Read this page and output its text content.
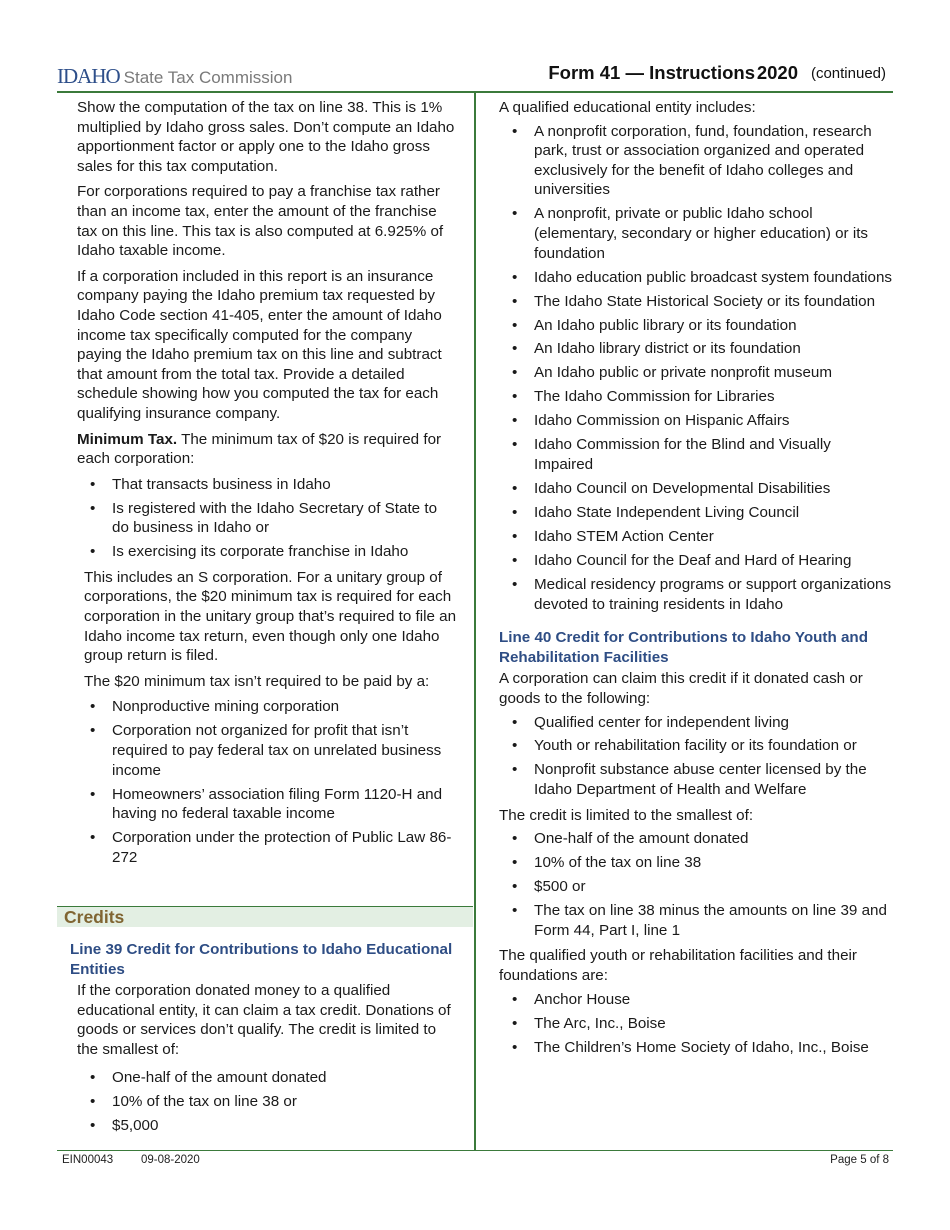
IDAHO State Tax Commission	Form 41 — Instructions 2020 (continued)

Show the computation of the tax on line 38. This is 1% multiplied by Idaho gross sales. Don’t compute an Idaho apportionment factor or apply one to the Idaho gross sales for this tax computation.

For corporations required to pay a franchise tax rather than an income tax, enter the amount of the franchise tax on this line. This tax is also computed at 6.925% of Idaho taxable income.

If a corporation included in this report is an insurance company paying the Idaho premium tax requested by Idaho Code section 41-405, enter the amount of Idaho income tax specifically computed for the company paying the Idaho premium tax on this line and subtract that amount from the total tax. Provide a detailed schedule showing how you computed the tax for each qualifying insurance company.

Minimum Tax. The minimum tax of $20 is required for each corporation:

• That transacts business in Idaho
• Is registered with the Idaho Secretary of State to do business in Idaho or
• Is exercising its corporate franchise in Idaho

This includes an S corporation. For a unitary group of corporations, the $20 minimum tax is required for each corporation in the unitary group that’s required to file an Idaho income tax return, even though only one Idaho group return is filed.

The $20 minimum tax isn’t required to be paid by a:

• Nonproductive mining corporation
• Corporation not organized for profit that isn’t required to pay federal tax on unrelated business income
• Homeowners’ association filing Form 1120-H and having no federal taxable income
• Corporation under the protection of Public Law 86-272
Credits

Line 39 Credit for Contributions to Idaho Educational Entities

If the corporation donated money to a qualified educational entity, it can claim a tax credit. Donations of goods or services don’t qualify. The credit is limited to the smallest of:

• One-half of the amount donated
• 10% of the tax on line 38 or
• $5,000

A qualified educational entity includes:

• A nonprofit corporation, fund, foundation, research park, trust or association organized and operated exclusively for the benefit of Idaho colleges and universities
• A nonprofit, private or public Idaho school (elementary, secondary or higher education) or its foundation
• Idaho education public broadcast system foundations
• The Idaho State Historical Society or its foundation
• An Idaho public library or its foundation
• An Idaho library district or its foundation
• An Idaho public or private nonprofit museum
• The Idaho Commission for Libraries
• Idaho Commission on Hispanic Affairs
• Idaho Commission for the Blind and Visually Impaired
• Idaho Council on Developmental Disabilities
• Idaho State Independent Living Council
• Idaho STEM Action Center
• Idaho Council for the Deaf and Hard of Hearing
• Medical residency programs or support organizations devoted to training residents in Idaho

Line 40 Credit for Contributions to Idaho Youth and Rehabilitation Facilities

A corporation can claim this credit if it donated cash or goods to the following:

• Qualified center for independent living
• Youth or rehabilitation facility or its foundation or
• Nonprofit substance abuse center licensed by the Idaho Department of Health and Welfare

The credit is limited to the smallest of:

• One-half of the amount donated
• 10% of the tax on line 38
• $500 or
• The tax on line 38 minus the amounts on line 39 and Form 44, Part I, line 1

The qualified youth or rehabilitation facilities and their foundations are:

• Anchor House
• The Arc, Inc., Boise
• The Children’s Home Society of Idaho, Inc., Boise
EIN00043 09-08-2020	Page 5 of 8
